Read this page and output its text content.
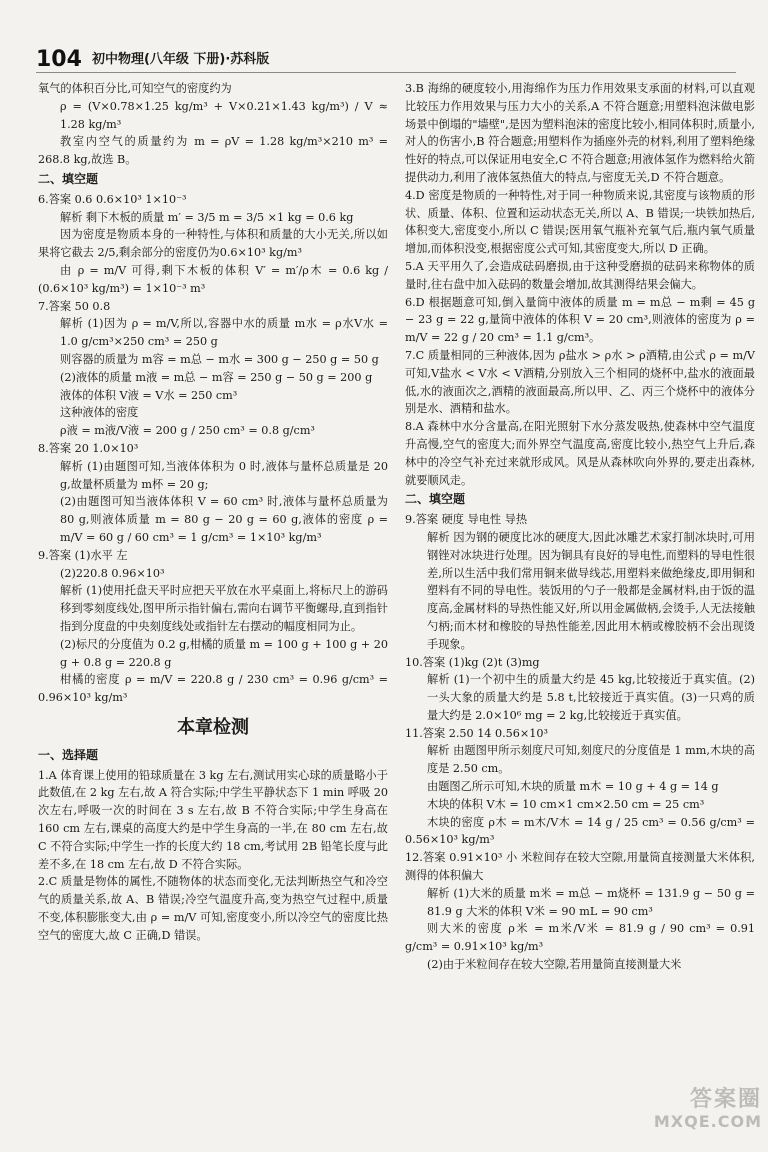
104 初中物理(八年级 下册)·苏科版

氧气的体积百分比,可知空气的密度约为

ρ = (V×0.78×1.25 kg/m³ + V×0.21×1.43 kg/m³) / V ≈ 1.28 kg/m³

教室内空气的质量约为 m = ρV = 1.28 kg/m³×210 m³ = 268.8 kg,故选 B。

二、填空题

6.答案 0.6 0.6×10³ 1×10⁻³

解析 剩下木板的质量 m′ = 3/5 m = 3/5 ×1 kg = 0.6 kg

因为密度是物质本身的一种特性,与体积和质量的大小无关,所以如果将它截去 2/5,剩余部分的密度仍为0.6×10³ kg/m³

由 ρ = m/V 可得,剩下木板的体积 V′ = m′/ρ木 = 0.6 kg / (0.6×10³ kg/m³) = 1×10⁻³ m³

7.答案 50 0.8

解析 (1)因为 ρ = m/V,所以,容器中水的质量 m水 = ρ水V水 = 1.0 g/cm³×250 cm³ = 250 g

则容器的质量为 m容 = m总 − m水 = 300 g − 250 g = 50 g

(2)液体的质量 m液 = m总 − m容 = 250 g − 50 g = 200 g

液体的体积 V液 = V水 = 250 cm³

这种液体的密度

ρ液 = m液/V液 = 200 g / 250 cm³ = 0.8 g/cm³

8.答案 20 1.0×10³

解析 (1)由题图可知,当液体体积为 0 时,液体与量杯总质量是 20 g,故量杯质量为 m杯 = 20 g;

(2)由题图可知当液体体积 V = 60 cm³ 时,液体与量杯总质量为 80 g,则液体质量 m = 80 g − 20 g = 60 g,液体的密度 ρ = m/V = 60 g / 60 cm³ = 1 g/cm³ = 1×10³ kg/m³

9.答案 (1)水平 左

(2)220.8 0.96×10³

解析 (1)使用托盘天平时应把天平放在水平桌面上,将标尺上的游码移到零刻度线处,图甲所示指针偏右,需向右调节平衡螺母,直到指针指到分度盘的中央刻度线处或指针左右摆动的幅度相同为止。

(2)标尺的分度值为 0.2 g,柑橘的质量 m = 100 g + 100 g + 20 g + 0.8 g = 220.8 g

柑橘的密度 ρ = m/V = 220.8 g / 230 cm³ = 0.96 g/cm³ = 0.96×10³ kg/m³

本章检测
一、选择题

1.A 体育课上使用的铅球质量在 3 kg 左右,测试用实心球的质量略小于此数值,在 2 kg 左右,故 A 符合实际;中学生平静状态下 1 min 呼吸 20 次左右,呼吸一次的时间在 3 s 左右,故 B 不符合实际;中学生身高在 160 cm 左右,课桌的高度大约是中学生身高的一半,在 80 cm 左右,故 C 不符合实际;中学生一拃的长度大约 18 cm,考试用 2B 铅笔长度与此差不多,在 18 cm 左右,故 D 不符合实际。

2.C 质量是物体的属性,不随物体的状态而变化,无法判断热空气和冷空气的质量关系,故 A、B 错误;冷空气温度升高,变为热空气过程中,质量不变,体积膨胀变大,由 ρ = m/V 可知,密度变小,所以冷空气的密度比热空气的密度大,故 C 正确,D 错误。

3.B 海绵的硬度较小,用海绵作为压力作用效果支承面的材料,可以直观比较压力作用效果与压力大小的关系,A 不符合题意;用塑料泡沫做电影场景中倒塌的"墙壁",是因为塑料泡沫的密度比较小,相同体积时,质量小,对人的伤害小,B 符合题意;用塑料作为插座外壳的材料,利用了塑料绝缘性好的特点,可以保证用电安全,C 不符合题意;用液体氢作为燃料给火箭提供动力,利用了液体氢热值大的特点,与密度无关,D 不符合题意。

4.D 密度是物质的一种特性,对于同一种物质来说,其密度与该物质的形状、质量、体积、位置和运动状态无关,所以 A、B 错误;一块铁加热后,体积变大,密度变小,所以 C 错误;医用氧气瓶补充氧气后,瓶内氧气质量增加,而体积没变,根据密度公式可知,其密度变大,所以 D 正确。

5.A 天平用久了,会造成砝码磨损,由于这种受磨损的砝码来称物体的质量时,往右盘中加入砝码的数量会增加,故其测得结果会偏大。

6.D 根据题意可知,倒入量筒中液体的质量 m = m总 − m剩 = 45 g − 23 g = 22 g,量筒中液体的体积 V = 20 cm³,则液体的密度为 ρ = m/V = 22 g / 20 cm³ = 1.1 g/cm³。

7.C 质量相同的三种液体,因为 ρ盐水 > ρ水 > ρ酒精,由公式 ρ = m/V 可知,V盐水 < V水 < V酒精,分别放入三个相同的烧杯中,盐水的液面最低,水的液面次之,酒精的液面最高,所以甲、乙、丙三个烧杯中的液体分别是水、酒精和盐水。

8.A 森林中水分含量高,在阳光照射下水分蒸发吸热,使森林中空气温度升高慢,空气的密度大;而外界空气温度高,密度比较小,热空气上升后,森林中的冷空气补充过来就形成风。风是从森林吹向外界的,要走出森林,就要顺风走。

二、填空题

9.答案 硬度 导电性 导热

解析 因为钢的硬度比冰的硬度大,因此冰雕艺术家打制冰块时,可用钢锉对冰块进行处理。因为铜具有良好的导电性,而塑料的导电性很差,所以生活中我们常用铜来做导线芯,用塑料来做绝缘皮,即用铜和塑料有不同的导电性。装饭用的勺子一般都是金属材料,由于饭的温度高,金属材料的导热性能又好,所以用金属做柄,会烫手,人无法接触勺柄;而木材和橡胶的导热性能差,因此用木柄或橡胶柄不会出现烫手现象。

10.答案 (1)kg (2)t (3)mg

解析 (1)一个初中生的质量大约是 45 kg,比较接近于真实值。(2)一头大象的质量大约是 5.8 t,比较接近于真实值。(3)一只鸡的质量大约是 2.0×10⁶ mg = 2 kg,比较接近于真实值。

11.答案 2.50 14 0.56×10³

解析 由题图甲所示刻度尺可知,刻度尺的分度值是 1 mm,木块的高度是 2.50 cm。

由题图乙所示可知,木块的质量 m木 = 10 g + 4 g = 14 g

木块的体积 V木 = 10 cm×1 cm×2.50 cm = 25 cm³

木块的密度 ρ木 = m木/V木 = 14 g / 25 cm³ = 0.56 g/cm³ = 0.56×10³ kg/m³

12.答案 0.91×10³ 小 米粒间存在较大空隙,用量筒直接测量大米体积,测得的体积偏大

解析 (1)大米的质量 m米 = m总 − m烧杯 = 131.9 g − 50 g = 81.9 g 大米的体积 V米 = 90 mL = 90 cm³

则大米的密度 ρ米 = m米/V米 = 81.9 g / 90 cm³ = 0.91 g/cm³ = 0.91×10³ kg/m³

(2)由于米粒间存在较大空隙,若用量筒直接测量大米

答案圈
MXQE.COM
